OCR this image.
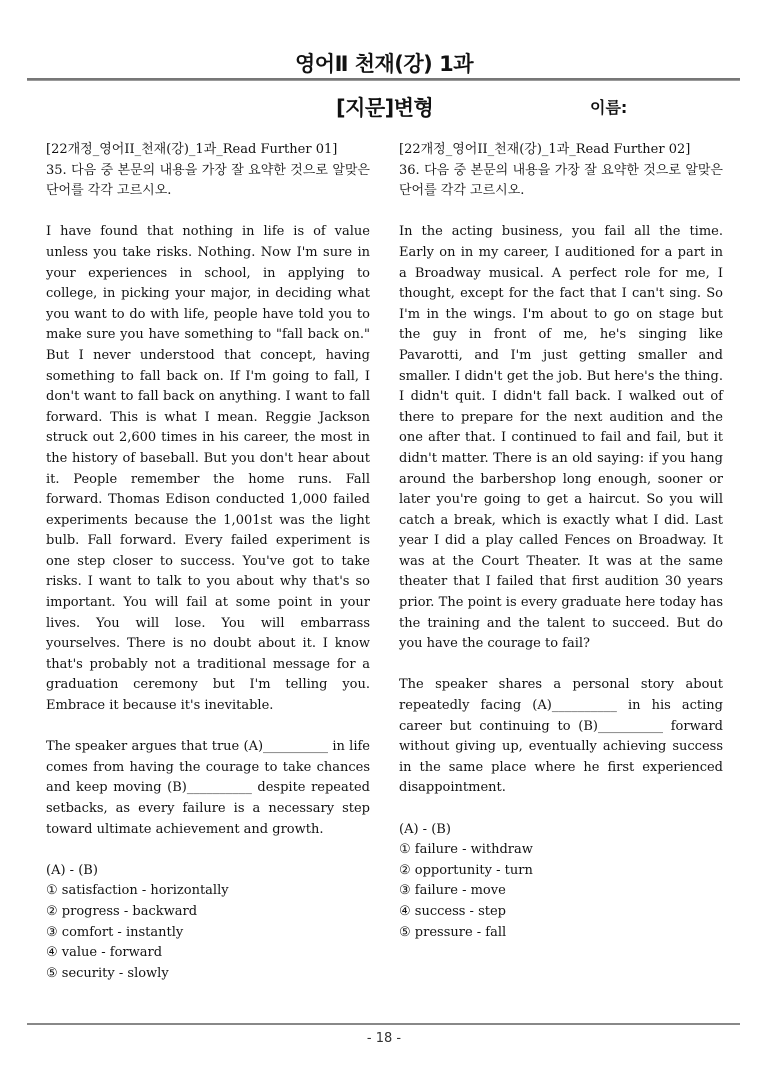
영어Ⅱ 천재(강) 1과
[지문]변형	이름:
[22개정_영어II_천재(강)_1과_Read Further 01]
35. 다음 중 본문의 내용을 가장 잘 요약한 것으로 알맞은 단어를 각각 고르시오.
I have found that nothing in life is of value unless you take risks. Nothing. Now I'm sure in your experiences in school, in applying to college, in picking your major, in deciding what you want to do with life, people have told you to make sure you have something to "fall back on." But I never understood that concept, having something to fall back on. If I'm going to fall, I don't want to fall back on anything. I want to fall forward. This is what I mean. Reggie Jackson struck out 2,600 times in his career, the most in the history of baseball. But you don't hear about it. People remember the home runs. Fall forward. Thomas Edison conducted 1,000 failed experiments because the 1,001st was the light bulb. Fall forward. Every failed experiment is one step closer to success. You've got to take risks. I want to talk to you about why that's so important. You will fail at some point in your lives. You will lose. You will embarrass yourselves. There is no doubt about it. I know that's probably not a traditional message for a graduation ceremony but I'm telling you. Embrace it because it's inevitable.
The speaker argues that true (A)__________ in life comes from having the courage to take chances and keep moving (B)__________ despite repeated setbacks, as every failure is a necessary step toward ultimate achievement and growth.
(A) - (B)
① satisfaction - horizontally
② progress - backward
③ comfort - instantly
④ value - forward
⑤ security - slowly
[22개정_영어II_천재(강)_1과_Read Further 02]
36. 다음 중 본문의 내용을 가장 잘 요약한 것으로 알맞은 단어를 각각 고르시오.
In the acting business, you fail all the time. Early on in my career, I auditioned for a part in a Broadway musical. A perfect role for me, I thought, except for the fact that I can't sing. So I'm in the wings. I'm about to go on stage but the guy in front of me, he's singing like Pavarotti, and I'm just getting smaller and smaller. I didn't get the job. But here's the thing. I didn't quit. I didn't fall back. I walked out of there to prepare for the next audition and the one after that. I continued to fail and fail, but it didn't matter. There is an old saying: if you hang around the barbershop long enough, sooner or later you're going to get a haircut. So you will catch a break, which is exactly what I did. Last year I did a play called Fences on Broadway. It was at the Court Theater. It was at the same theater that I failed that first audition 30 years prior. The point is every graduate here today has the training and the talent to succeed. But do you have the courage to fail?
The speaker shares a personal story about repeatedly facing (A)__________ in his acting career but continuing to (B)__________ forward without giving up, eventually achieving success in the same place where he first experienced disappointment.
(A) - (B)
① failure - withdraw
② opportunity - turn
③ failure - move
④ success - step
⑤ pressure - fall
- 18 -
